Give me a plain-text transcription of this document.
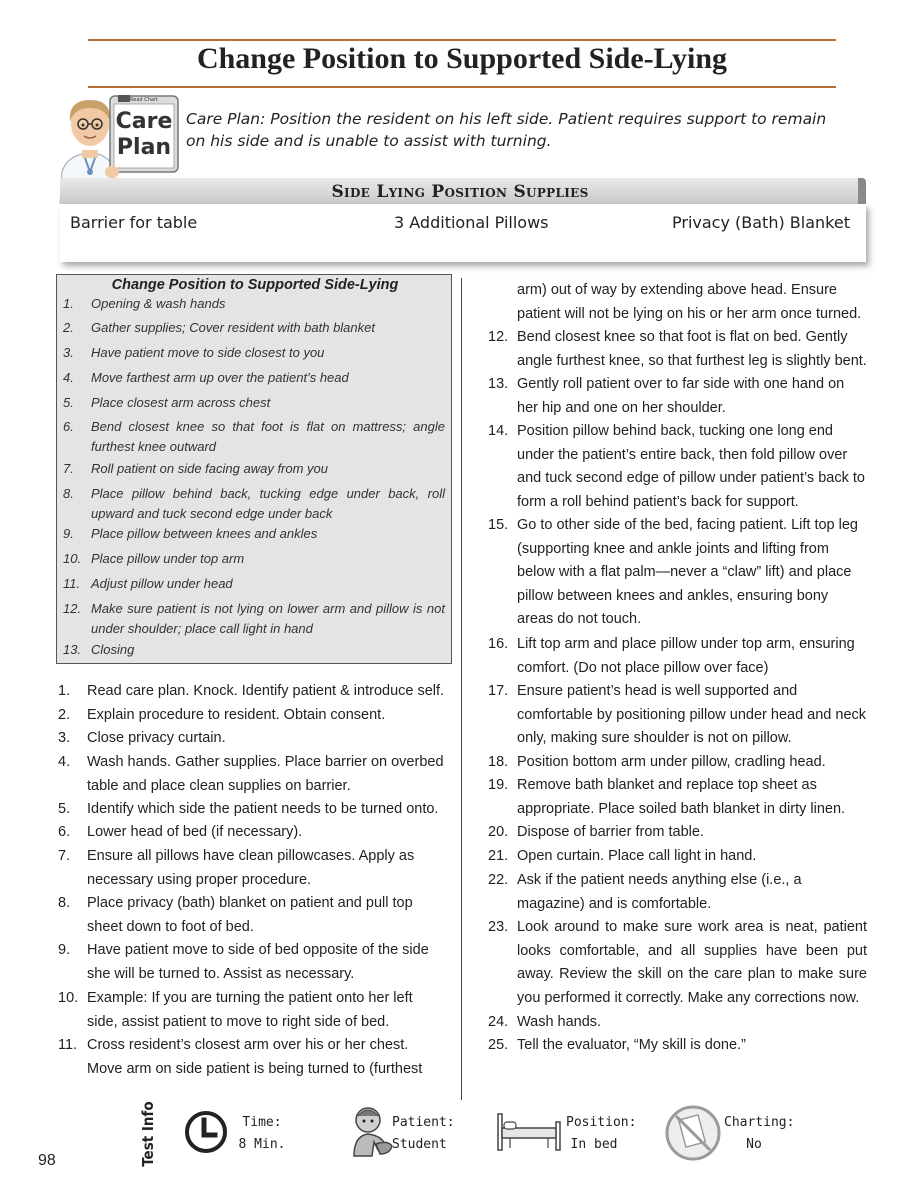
Change Position to Supported Side-Lying
Read Chart
Care
Plan

Care Plan: Position the resident on his left side. Patient requires support to remain on his side and is unable to assist with turning.

Side Lying Position Supplies
Barrier for table	3 Additional Pillows	Privacy (Bath) Blanket
Change Position to Supported Side-Lying
1.	Opening & wash hands
2.	Gather supplies; Cover resident with bath blanket
3.	Have patient move to side closest to you
4.	Move farthest arm up over the patient’s head
5.	Place closest arm across chest
6.	Bend closest knee so that foot is flat on mattress; angle furthest knee outward
7.	Roll patient on side facing away from you
8.	Place pillow behind back, tucking edge under back, roll upward and tuck second edge under back
9.	Place pillow between knees and ankles
10. Place pillow under top arm
11. Adjust pillow under head
12. Make sure patient is not lying on lower arm and pillow is not under shoulder; place call light in hand
13. Closing
1.	Read care plan. Knock. Identify patient & introduce self.
2.	Explain procedure to resident. Obtain consent.
3.	Close privacy curtain.
4.	Wash hands. Gather supplies. Place barrier on overbed table and place clean supplies on barrier.
5.	Identify which side the patient needs to be turned onto.
6.	Lower head of bed (if necessary).
7.	Ensure all pillows have clean pillowcases. Apply as necessary using proper procedure.
8.	Place privacy (bath) blanket on patient and pull top sheet down to foot of bed.
9.	Have patient move to side of bed opposite of the side she will be turned to. Assist as necessary.
10. Example: If you are turning the patient onto her left side, assist patient to move to right side of bed.
11. Cross resident’s closest arm over his or her chest. Move arm on side patient is being turned to (furthest
arm) out of way by extending above head. Ensure patient will not be lying on his or her arm once turned.
12. Bend closest knee so that foot is flat on bed. Gently angle furthest knee, so that furthest leg is slightly bent.
13. Gently roll patient over to far side with one hand on her hip and one on her shoulder.
14. Position pillow behind back, tucking one long end under the patient’s entire back, then fold pillow over and tuck second edge of pillow under patient’s back to form a roll behind patient’s back for support.
15. Go to other side of the bed, facing patient. Lift top leg (supporting knee and ankle joints and lifting from below with a flat palm—never a “claw” lift) and place pillow between knees and ankles, ensuring bony areas do not touch.
16. Lift top arm and place pillow under top arm, ensuring comfort. (Do not place pillow over face)
17. Ensure patient’s head is well supported and comfortable by positioning pillow under head and neck only, making sure shoulder is not on pillow.
18. Position bottom arm under pillow, cradling head.
19. Remove bath blanket and replace top sheet as appropriate. Place soiled bath blanket in dirty linen.
20. Dispose of barrier from table.
21. Open curtain. Place call light in hand.
22. Ask if the patient needs anything else (i.e., a magazine) and is comfortable.
23. Look around to make sure work area is neat, patient looks comfortable, and all supplies have been put away. Review the skill on the care plan to make sure you performed it correctly. Make any corrections now.
24. Wash hands.
25. Tell the evaluator, “My skill is done.”
Test Info	Time:
8 Min.
Patient:
Student
Position:
In bed
Charting:
No
98
